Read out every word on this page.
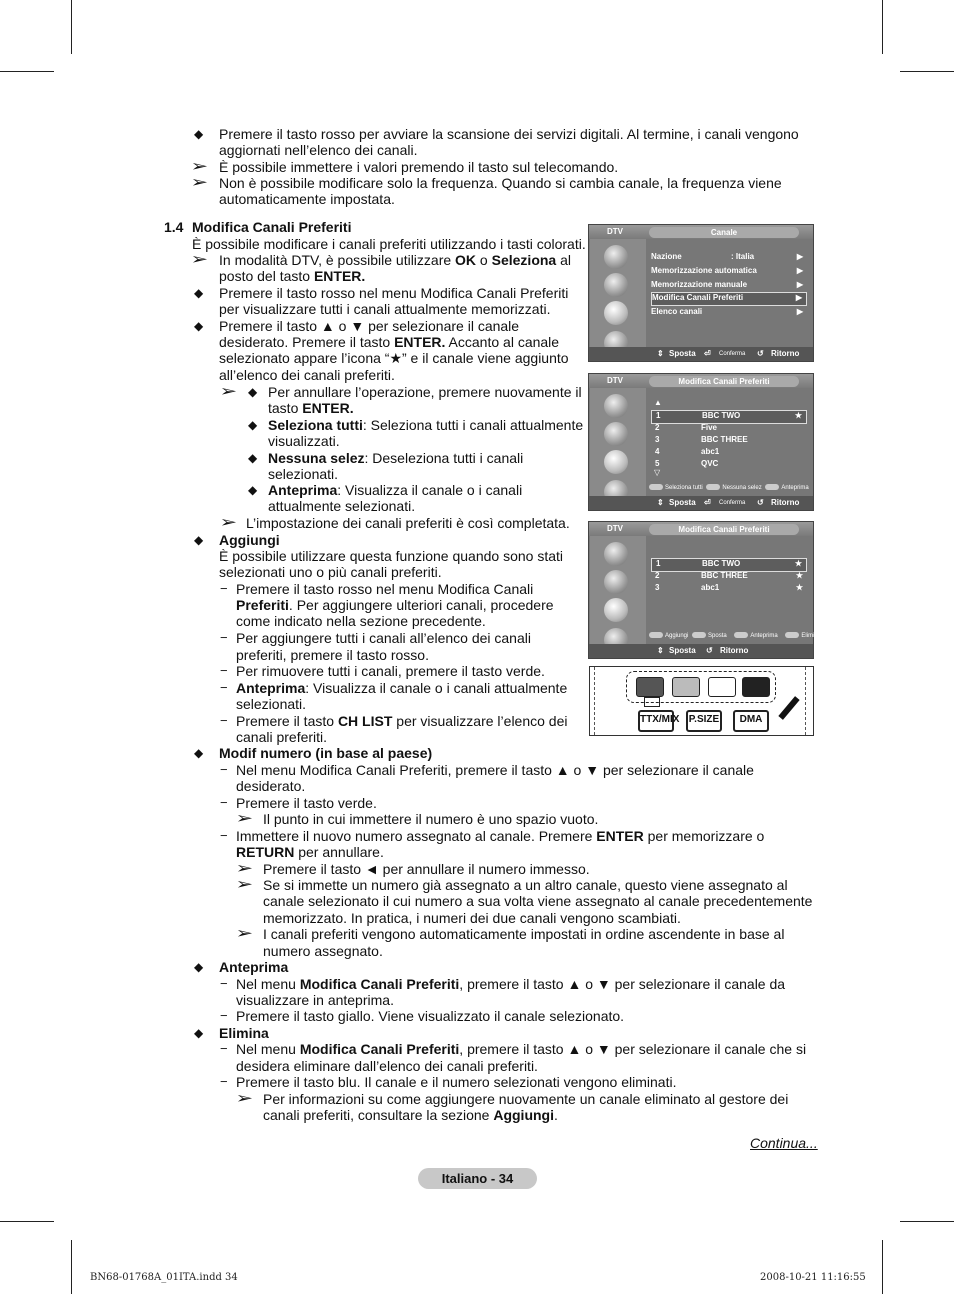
◆ Premere il tasto rosso per avviare la scansione dei servizi digitali. Al termine, i canali vengono
aggiornati nell’elenco dei canali.
➢ È possibile immettere i valori premendo il tasto sul telecomando.
➢ Non è possibile modificare solo la frequenza. Quando si cambia canale, la frequenza viene
automaticamente impostata.
1.4 Modifica Canali Preferiti
È possibile modificare i canali preferiti utilizzando i tasti colorati.
➢ In modalità DTV, è possibile utilizzare OK o Seleziona al
posto del tasto ENTER.
◆ Premere il tasto rosso nel menu Modifica Canali Preferiti
per visualizzare tutti i canali attualmente memorizzati.
◆ Premere il tasto ▲ o ▼ per selezionare il canale
desiderato. Premere il tasto ENTER. Accanto al canale
selezionato appare l’icona “★” e il canale viene aggiunto
all’elenco dei canali preferiti.
➢ ◆ Per annullare l’operazione, premere nuovamente il
tasto ENTER.
◆ Seleziona tutti: Seleziona tutti i canali attualmente
visualizzati.
◆ Nessuna selez: Deseleziona tutti i canali
selezionati.
◆ Anteprima: Visualizza il canale o i canali
attualmente selezionati.
➢ L’impostazione dei canali preferiti è così completata.
◆ Aggiungi
È possibile utilizzare questa funzione quando sono stati
selezionati uno o più canali preferiti.
− Premere il tasto rosso nel menu Modifica Canali
Preferiti. Per aggiungere ulteriori canali, procedere
come indicato nella sezione precedente.
− Per aggiungere tutti i canali all’elenco dei canali
preferiti, premere il tasto rosso.
− Per rimuovere tutti i canali, premere il tasto verde.
− Anteprima: Visualizza il canale o i canali attualmente
selezionati.
− Premere il tasto CH LIST per visualizzare l’elenco dei
canali preferiti.
◆ Modif numero (in base al paese)
− Nel menu Modifica Canali Preferiti, premere il tasto ▲ o ▼ per selezionare il canale
desiderato.
− Premere il tasto verde.
➢ Il punto in cui immettere il numero è uno spazio vuoto.
− Immettere il nuovo numero assegnato al canale. Premere ENTER per memorizzare o
RETURN per annullare.
➢ Premere il tasto ◄ per annullare il numero immesso.
➢ Se si immette un numero già assegnato a un altro canale, questo viene assegnato al
canale selezionato il cui numero a sua volta viene assegnato al canale precedentemente
memorizzato. In pratica, i numeri dei due canali vengono scambiati.
➢ I canali preferiti vengono automaticamente impostati in ordine ascendente in base al
numero assegnato.
◆ Anteprima
− Nel menu Modifica Canali Preferiti, premere il tasto ▲ o ▼ per selezionare il canale da
visualizzare in anteprima.
− Premere il tasto giallo. Viene visualizzato il canale selezionato.
◆ Elimina
− Nel menu Modifica Canali Preferiti, premere il tasto ▲ o ▼ per selezionare il canale che si
desidera eliminare dall’elenco dei canali preferiti.
− Premere il tasto blu. Il canale e il numero selezionati vengono eliminati.
➢ Per informazioni su come aggiungere nuovamente un canale eliminato al gestore dei
canali preferiti, consultare la sezione Aggiungi.
Continua...
Italiano - 34
BN68-01768A_01ITA.indd 34	2008-10-21 11:16:55
DTV	Canale
Nazione	: Italia	▶
Memorizzazione automatica	▶
Memorizzazione manuale	▶
Modifica Canali Preferiti	▶
Elenco canali	▶
⇕ Sposta ⏎ Conferma ↺ Ritorno
DTV	Modifica Canali Preferiti
▲
1	BBC TWO	★
2	Five
3	BBC THREE
4	abc1
5	QVC
▽
Seleziona tutti	Nessuna selez	Anteprima
⇕ Sposta ⏎ Conferma ↺ Ritorno
DTV	Modifica Canali Preferiti
1	BBC TWO	★
2	BBC THREE	★
3	abc1	★
Aggiungi	Sposta	Anteprima	Elimina
⇕ Sposta ↺ Ritorno
TTX/MIX P.SIZE	DMA
